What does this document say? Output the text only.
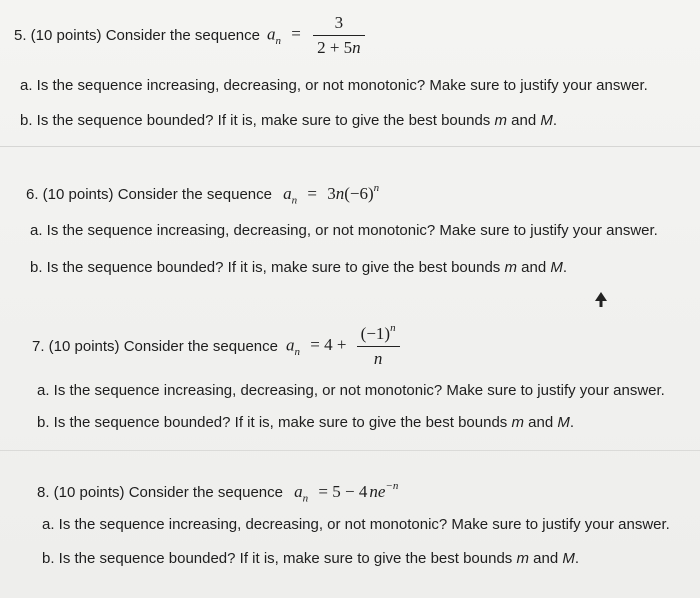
5. (10 points) Consider the sequence $a_n = \frac{3}{2 + 5n}$
a. Is the sequence increasing, decreasing, or not monotonic? Make sure to justify your answer.
b. Is the sequence bounded? If it is, make sure to give the best bounds m and M.
6. (10 points) Consider the sequence $a_n = 3n(-6)^n$
a. Is the sequence increasing, decreasing, or not monotonic? Make sure to justify your answer.
b. Is the sequence bounded? If it is, make sure to give the best bounds m and M.
7. (10 points) Consider the sequence $a_n = 4 + \frac{(-1)^n}{n}$
a. Is the sequence increasing, decreasing, or not monotonic? Make sure to justify your answer.
b. Is the sequence bounded? If it is, make sure to give the best bounds m and M.
8. (10 points) Consider the sequence $a_n = 5 - 4$ $ne^{-n}$
a. Is the sequence increasing, decreasing, or not monotonic? Make sure to justify your answer.
b. Is the sequence bounded? If it is, make sure to give the best bounds m and M.
